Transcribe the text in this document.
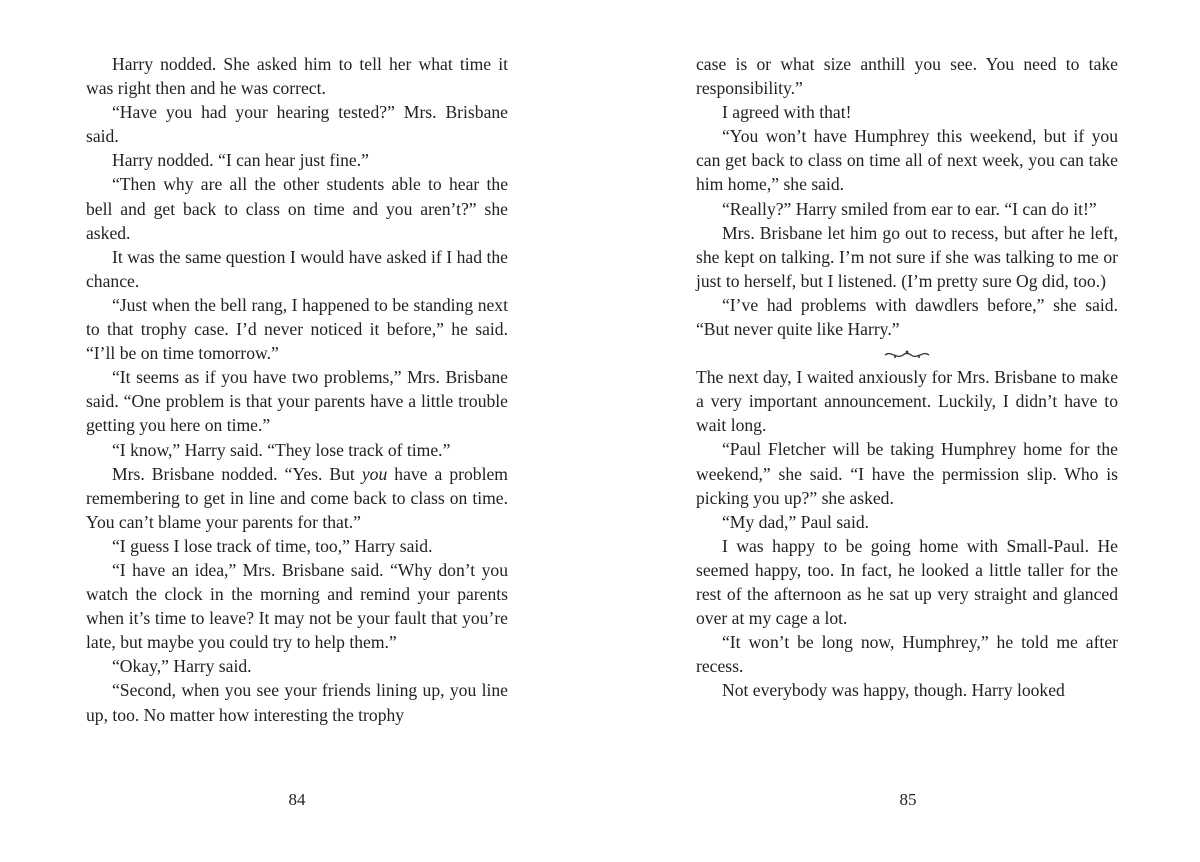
Harry nodded. She asked him to tell her what time it was right then and he was correct.

“Have you had your hearing tested?” Mrs. Brisbane said.

Harry nodded. “I can hear just fine.”

“Then why are all the other students able to hear the bell and get back to class on time and you aren’t?” she asked.

It was the same question I would have asked if I had the chance.

“Just when the bell rang, I happened to be standing next to that trophy case. I’d never noticed it before,” he said. “I’ll be on time tomorrow.”

“It seems as if you have two problems,” Mrs. Brisbane said. “One problem is that your parents have a little trouble getting you here on time.”

“I know,” Harry said. “They lose track of time.”

Mrs. Brisbane nodded. “Yes. But you have a problem remembering to get in line and come back to class on time. You can’t blame your parents for that.”

“I guess I lose track of time, too,” Harry said.

“I have an idea,” Mrs. Brisbane said. “Why don’t you watch the clock in the morning and remind your parents when it’s time to leave? It may not be your fault that you’re late, but maybe you could try to help them.”

“Okay,” Harry said.

“Second, when you see your friends lining up, you line up, too. No matter how interesting the trophy

case is or what size anthill you see. You need to take responsibility.”

I agreed with that!

“You won’t have Humphrey this weekend, but if you can get back to class on time all of next week, you can take him home,” she said.

“Really?” Harry smiled from ear to ear. “I can do it!”

Mrs. Brisbane let him go out to recess, but after he left, she kept on talking. I’m not sure if she was talking to me or just to herself, but I listened. (I’m pretty sure Og did, too.)

“I’ve had problems with dawdlers before,” she said. “But never quite like Harry.”

The next day, I waited anxiously for Mrs. Brisbane to make a very important announcement. Luckily, I didn’t have to wait long.

“Paul Fletcher will be taking Humphrey home for the weekend,” she said. “I have the permission slip. Who is picking you up?” she asked.

“My dad,” Paul said.

I was happy to be going home with Small-Paul. He seemed happy, too. In fact, he looked a little taller for the rest of the afternoon as he sat up very straight and glanced over at my cage a lot.

“It won’t be long now, Humphrey,” he told me after recess.

Not everybody was happy, though. Harry looked

84	85
